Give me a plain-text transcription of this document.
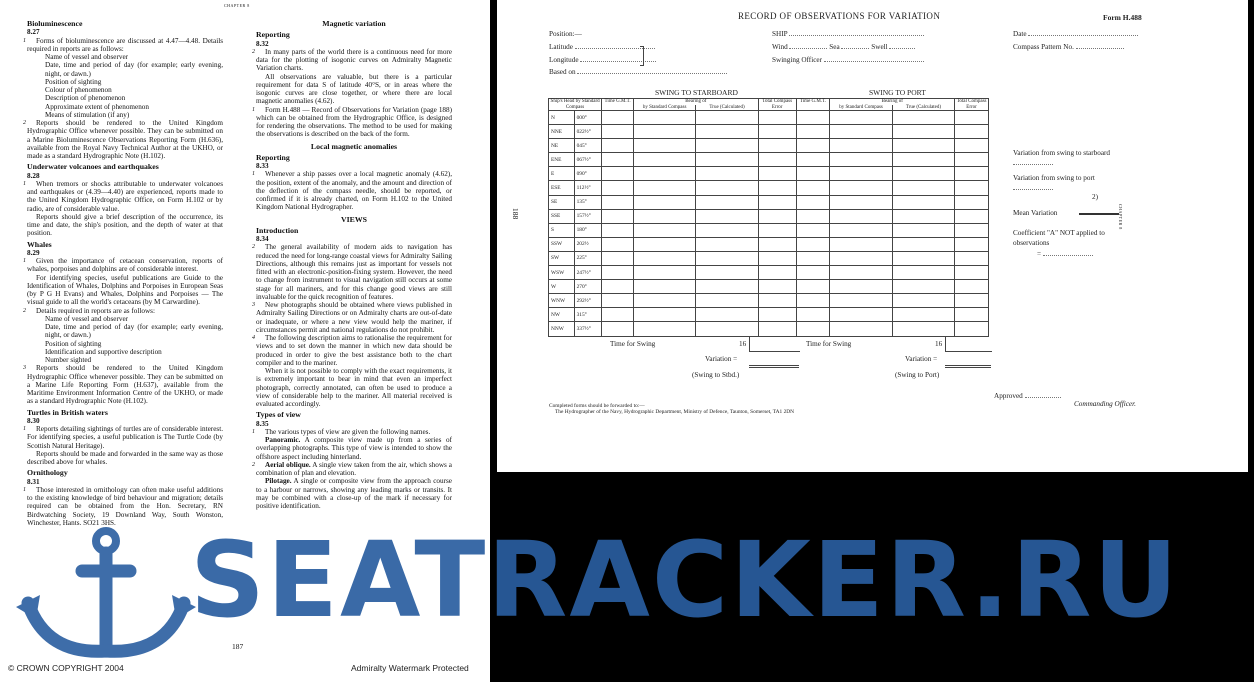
CHAPTER 8

Bioluminescence

8.27

1 Forms of bioluminescence are discussed at 4.47—4.48. Details required in reports are as follows:

Name of vessel and observer

Date, time and period of day (for example; early evening, night, or dawn.)

Position of sighting

Colour of phenomenon

Description of phenomenon

Approximate extent of phenomenon

Means of stimulation (if any)

2 Reports should be rendered to the United Kingdom Hydrographic Office whenever possible. They can be submitted on a Marine Bioluminescence Observations Reporting Form (H.636), available from the Royal Navy Technical Author at the UKHO, or made as a standard Hydrographic Note (H.102).

Underwater volcanoes and earthquakes

8.28

1 When tremors or shocks attributable to underwater volcanoes and earthquakes or (4.39—4.40) are experienced, reports made to the United Kingdom Hydrographic Office, on Form H.102 or by radio, are of considerable value.

Reports should give a brief description of the occurrence, its time and date, the ship's position, and the depth of water at that position.

Whales

8.29

1 Given the importance of cetacean conservation, reports of whales, porpoises and dolphins are of considerable interest.

For identifying species, useful publications are Guide to the Identification of Whales, Dolphins and Porpoises in European Seas (by P G H Evans) and Whales, Dolphins and Porpoises — The visual guide to all the world's cetaceans (by M Carwardine).

2 Details required in reports are as follows:

Name of vessel and observer

Date, time and period of day (for example; early evening, night, or dawn.)

Position of sighting

Identification and supportive description

Number sighted

3 Reports should be rendered to the United Kingdom Hydrographic Office whenever possible. They can be submitted on a Marine Life Reporting Form (H.637), available from the Maritime Environment Information Centre of the UKHO, or made as a standard Hydrographic Note (H.102).

Turtles in British waters

8.30

1 Reports detailing sightings of turtles are of considerable interest. For identifying species, a useful publication is The Turtle Code (by Scottish Natural Heritage).

Reports should be made and forwarded in the same way as those described above for whales.

Ornithology

8.31

1 Those interested in ornithology can often make useful additions to the existing knowledge of bird behaviour and migration; details required can be obtained from the Hon. Secretary, RN Birdwatching Society, 19 Downland Way, South Wonston, Winchester, Hants. SO21 3HS.

Magnetic variation

Reporting

8.32

2 In many parts of the world there is a continuous need for more data for the plotting of isogonic curves on Admiralty Magnetic Variation charts.

All observations are valuable, but there is a particular requirement for data S of latitude 40°S, or in areas where the isogonic curves are close together, or where there are local magnetic anomalies (4.62).

1 Form H.488 — Record of Observations for Variation (page 188) which can be obtained from the Hydrographic Office, is designed for rendering the observations. The method to be used for making the observations is described on the back of the form.

Local magnetic anomalies

Reporting

8.33

1 Whenever a ship passes over a local magnetic anomaly (4.62), the position, extent of the anomaly, and the amount and direction of the deflection of the compass needle, should be reported, or confirmed if it is already charted, on Form H.102 to the United Kingdom National Hydrographer.

VIEWS

Introduction

8.34

2 The general availability of modern aids to navigation has reduced the need for long-range coastal views for Admiralty Sailing Directions, although this remains just as important for vessels not fitted with an electronic-position-fixing system. However, the need to change from instrument to visual navigation still occurs at some stage for all mariners, and for this change good views are still invaluable for the quick recognition of features.

3 New photographs should be obtained where views published in Admiralty Sailing Directions or on Admiralty charts are out-of-date or inadequate, or where a new view would help the mariner, if circumstances permit and national regulations do not prohibit.

4 The following description aims to rationalise the requirement for views and to set down the manner in which new data should be produced in order to give the best assistance both to the chart compiler and to the mariner.

When it is not possible to comply with the exact requirements, it is extremely important to bear in mind that even an imperfect photograph, correctly annotated, can often be used to produce a view of considerable help to the mariner. All material received is evaluated accordingly.

Types of view

8.35

1 The various types of view are given the following names.

Panoramic. A composite view made up from a series of overlapping photographs. This type of view is intended to show the offshore aspect including hinterland.

2 Aerial oblique. A single view taken from the air, which shows a combination of plan and elevation.

Pilotage. A single or composite view from the approach course to a harbour or narrows, showing any leading marks or transits. It may be combined with a close-up of the mark if necessary for positive identification.

187
© CROWN COPYRIGHT 2004	Admiralty Watermark Protected
RECORD OF OBSERVATIONS FOR VARIATION	Form H.488
Position:—
Latitude
Longitude
Based on
SHIP
Wind	Sea	Swell
Swinging Officer
Date
Compass Pattern No.
SWING TO STARBOARD	SWING TO PORT
Ship's Head by Standard Compass		Time G.M.T.	Bearing of		Total Compass Error	Time G.M.T.	Bearing of		Total Compass Error
			by Standard Compass	True (Calculated)			by Standard Compass	True (Calculated)	
N	000°								
NNE	022½°								
NE	045°								
ENE	067½°								
E	090°								
ESE	112½°								
SE	135°								
SSE	157½°								
S	180°								
SSW	202½								
SW	225°								
WSW	247½°								
W	270°								
WNW	292½°								
NW	315°								
NNW	337½°								
CHAPTER 8
188
Variation from swing to starboard
Variation from swing to port
2)
Mean Variation
Coefficient "A" NOT applied to observations
=
Time for Swing	16
Variation =
(Swing to Stbd.)
Time for Swing	16
Variation =
(Swing to Port)
Approved
Commanding Officer.
Completed forms should be forwarded to:—
The Hydrographer of the Navy, Hydrographic Department, Ministry of Defence, Taunton, Somerset, TA1 2DN
SEATRACKER.RU
